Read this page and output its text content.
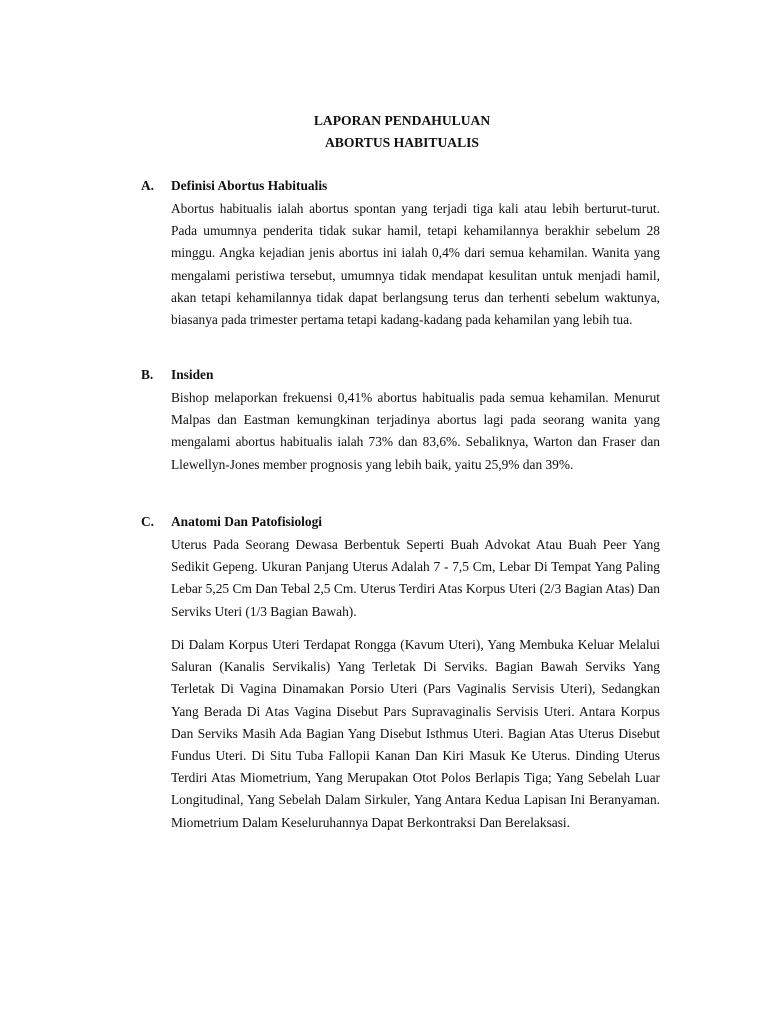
LAPORAN PENDAHULUAN
ABORTUS HABITUALIS
A. Definisi Abortus Habitualis

Abortus habitualis ialah abortus spontan yang terjadi tiga kali atau lebih berturut-turut. Pada umumnya penderita tidak sukar hamil, tetapi kehamilannya berakhir sebelum 28 minggu. Angka kejadian jenis abortus ini ialah 0,4% dari semua kehamilan. Wanita yang mengalami peristiwa tersebut, umumnya tidak mendapat kesulitan untuk menjadi hamil, akan tetapi kehamilannya tidak dapat berlangsung terus dan terhenti sebelum waktunya, biasanya pada trimester pertama tetapi kadang-kadang pada kehamilan yang lebih tua.

B. Insiden

Bishop melaporkan frekuensi 0,41% abortus habitualis pada semua kehamilan. Menurut Malpas dan Eastman kemungkinan terjadinya abortus lagi pada seorang wanita yang mengalami abortus habitualis ialah 73% dan 83,6%. Sebaliknya, Warton dan Fraser dan Llewellyn-Jones member prognosis yang lebih baik, yaitu 25,9% dan 39%.

C. Anatomi Dan Patofisiologi

Uterus Pada Seorang Dewasa Berbentuk Seperti Buah Advokat Atau Buah Peer Yang Sedikit Gepeng. Ukuran Panjang Uterus Adalah 7 - 7,5 Cm, Lebar Di Tempat Yang Paling Lebar 5,25 Cm Dan Tebal 2,5 Cm. Uterus Terdiri Atas Korpus Uteri (2/3 Bagian Atas) Dan Serviks Uteri (1/3 Bagian Bawah).

Di Dalam Korpus Uteri Terdapat Rongga (Kavum Uteri), Yang Membuka Keluar Melalui Saluran (Kanalis Servikalis) Yang Terletak Di Serviks. Bagian Bawah Serviks Yang Terletak Di Vagina Dinamakan Porsio Uteri (Pars Vaginalis Servisis Uteri), Sedangkan Yang Berada Di Atas Vagina Disebut Pars Supravaginalis Servisis Uteri. Antara Korpus Dan Serviks Masih Ada Bagian Yang Disebut Isthmus Uteri. Bagian Atas Uterus Disebut Fundus Uteri. Di Situ Tuba Fallopii Kanan Dan Kiri Masuk Ke Uterus. Dinding Uterus Terdiri Atas Miometrium, Yang Merupakan Otot Polos Berlapis Tiga; Yang Sebelah Luar Longitudinal, Yang Sebelah Dalam Sirkuler, Yang Antara Kedua Lapisan Ini Beranyaman. Miometrium Dalam Keseluruhannya Dapat Berkontraksi Dan Berelaksasi.
